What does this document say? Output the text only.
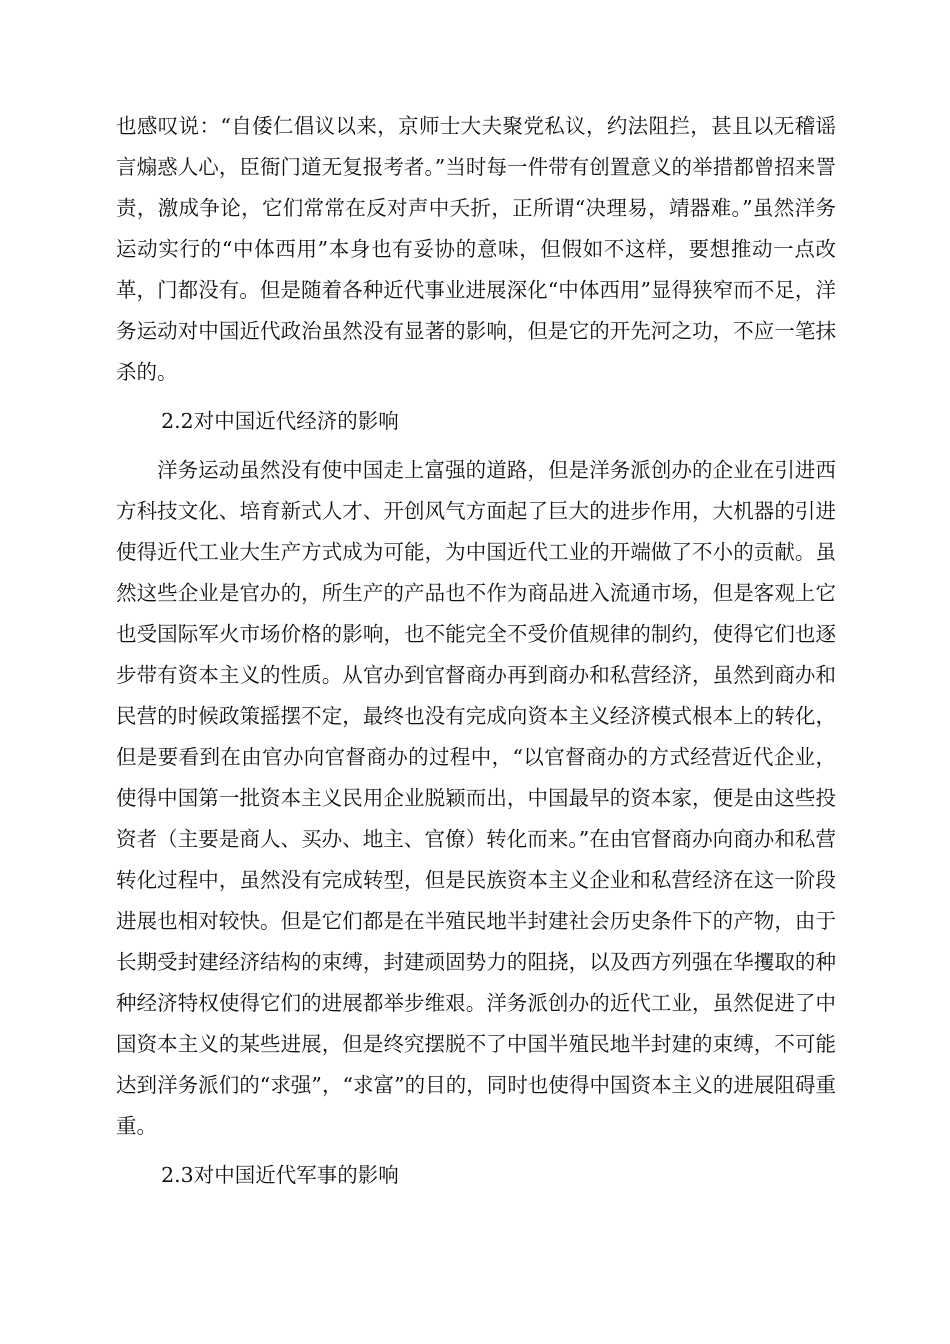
也感叹说：“自倭仁倡议以来，京师士大夫聚党私议，约法阻拦，甚且以无稽谣言煽惑人心，臣衙门道无复报考者。”当时每一件带有创置意义的举措都曾招来詈责，激成争论，它们常常在反对声中夭折，正所谓“决理易，靖器难。”虽然洋务运动实行的“中体西用”本身也有妥协的意味，但假如不这样，要想推动一点改革，门都没有。但是随着各种近代事业进展深化“中体西用”显得狭窄而不足，洋务运动对中国近代政治虽然没有显著的影响，但是它的开先河之功，不应一笔抹杀的。

2.2对中国近代经济的影响

洋务运动虽然没有使中国走上富强的道路，但是洋务派创办的企业在引进西方科技文化、培育新式人才、开创风气方面起了巨大的进步作用，大机器的引进使得近代工业大生产方式成为可能，为中国近代工业的开端做了不小的贡献。虽然这些企业是官办的，所生产的产品也不作为商品进入流通市场，但是客观上它也受国际军火市场价格的影响，也不能完全不受价值规律的制约，使得它们也逐步带有资本主义的性质。从官办到官督商办再到商办和私营经济，虽然到商办和民营的时候政策摇摆不定，最终也没有完成向资本主义经济模式根本上的转化，但是要看到在由官办向官督商办的过程中，“以官督商办的方式经营近代企业，使得中国第一批资本主义民用企业脱颖而出，中国最早的资本家，便是由这些投资者（主要是商人、买办、地主、官僚）转化而来。”在由官督商办向商办和私营转化过程中，虽然没有完成转型，但是民族资本主义企业和私营经济在这一阶段进展也相对较快。但是它们都是在半殖民地半封建社会历史条件下的产物，由于长期受封建经济结构的束缚，封建顽固势力的阻挠，以及西方列强在华攫取的种种经济特权使得它们的进展都举步维艰。洋务派创办的近代工业，虽然促进了中国资本主义的某些进展，但是终究摆脱不了中国半殖民地半封建的束缚，不可能达到洋务派们的“求强”，“求富”的目的，同时也使得中国资本主义的进展阻碍重重。

2.3对中国近代军事的影响
